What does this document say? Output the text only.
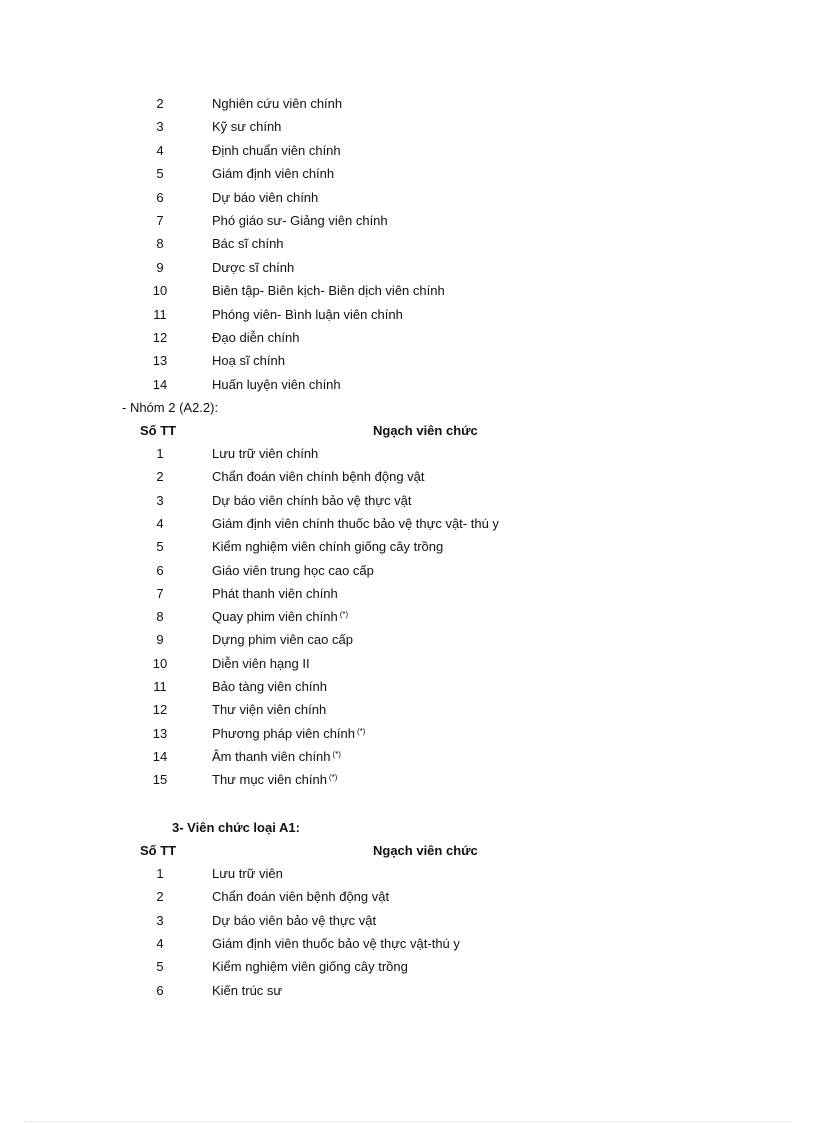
2	Nghiên cứu viên chính
3	Kỹ sư chính
4	Định chuẩn viên chính
5	Giám định viên chính
6	Dự báo viên chính
7	Phó giáo sư- Giảng viên chính
8	Bác sĩ chính
9	Dược sĩ chính
10	Biên tập- Biên kịch- Biên dịch viên chính
11	Phóng viên- Bình luận viên chính
12	Đạo diễn chính
13	Hoạ sĩ chính
14	Huấn luyện viên chính
- Nhóm 2 (A2.2):
Số TT	Ngạch viên chức
1	Lưu trữ viên chính
2	Chẩn đoán viên chính bệnh động vật
3	Dự báo viên chính bảo vệ thực vật
4	Giám định viên chính thuốc bảo vệ thực vật- thú y
5	Kiểm nghiệm viên chính giống cây trồng
6	Giáo viên trung học cao cấp
7	Phát thanh viên chính
8	Quay phim viên chính (*)
9	Dựng phim viên cao cấp
10	Diễn viên hạng II
11	Bảo tàng viên chính
12	Thư viện viên chính
13	Phương pháp viên chính (*)
14	Âm thanh viên chính (*)
15	Thư mục viên chính (*)
3- Viên chức loại A1:
Số TT	Ngạch viên chức
1	Lưu trữ viên
2	Chẩn đoán viên bệnh động vật
3	Dự báo viên bảo vệ thực vật
4	Giám định viên thuốc bảo vệ thực vật-thú y
5	Kiểm nghiệm viên giống cây trồng
6	Kiến trúc sư
